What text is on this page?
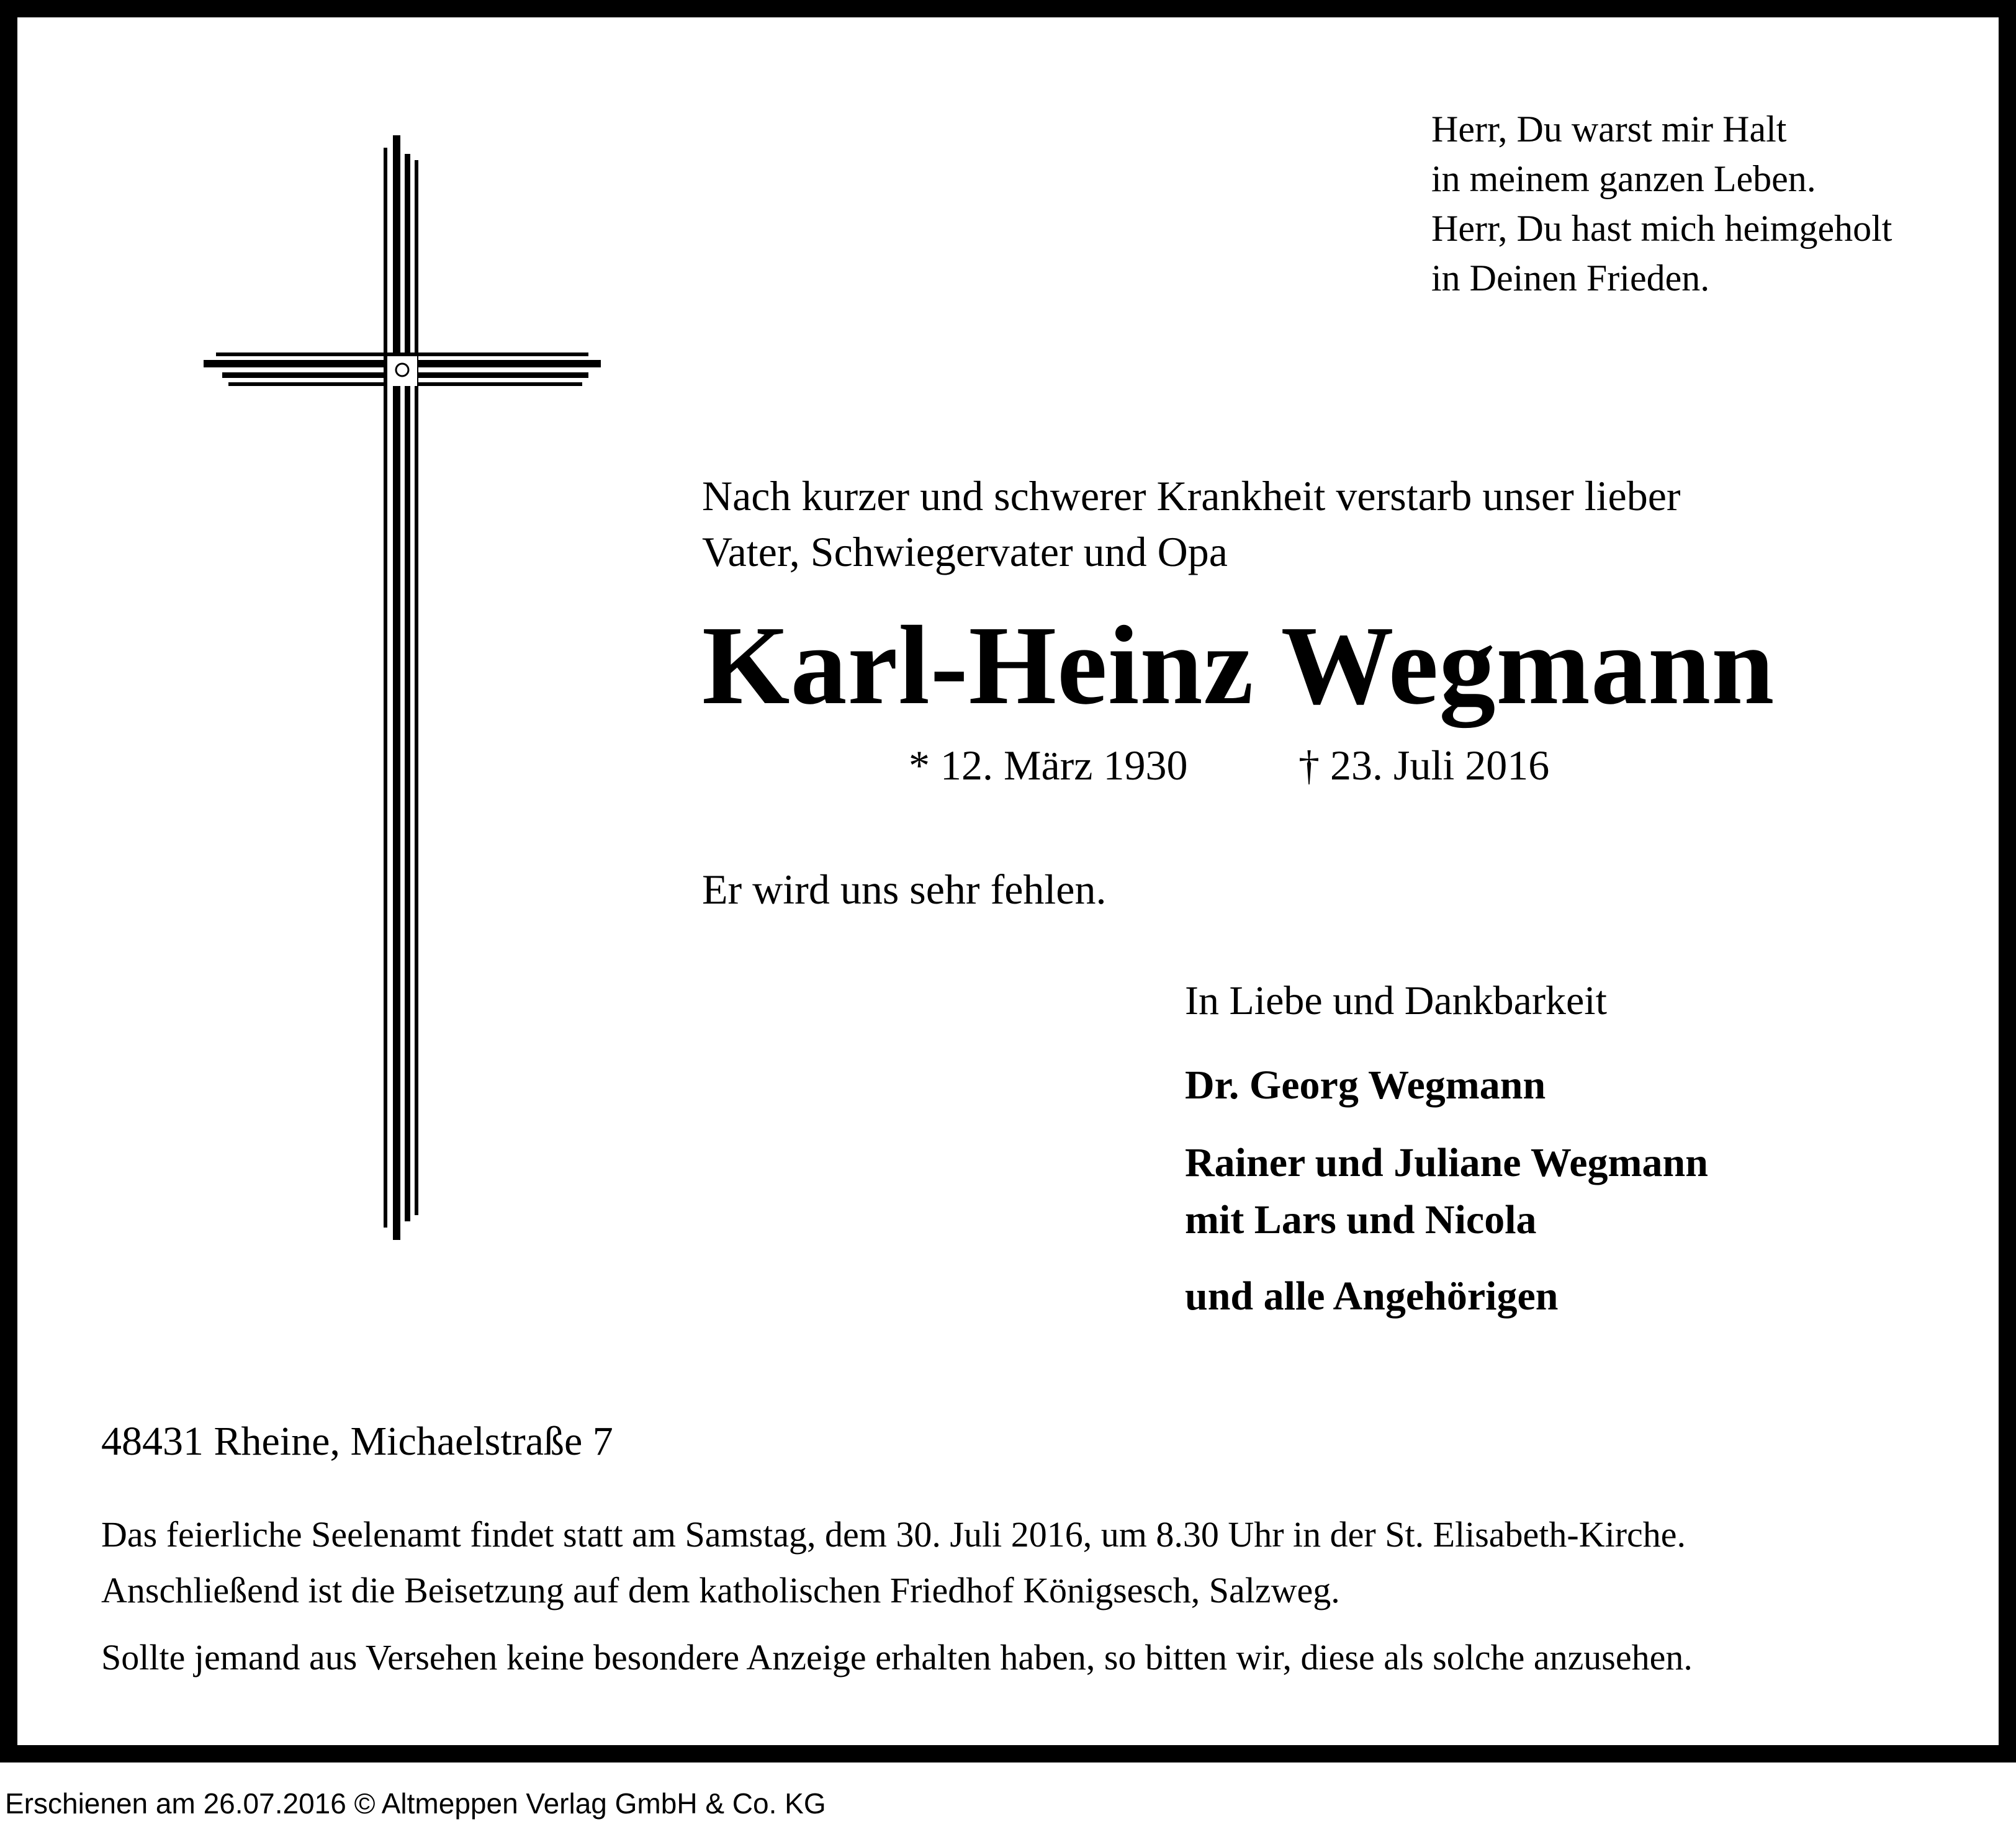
Herr, Du warst mir Halt
in meinem ganzen Leben.
Herr, Du hast mich heimgeholt
in Deinen Frieden.
Nach kurzer und schwerer Krankheit verstarb unser lieber
Vater, Schwiegervater und Opa
Karl-Heinz Wegmann
* 12. März 1930	† 23. Juli 2016
Er wird uns sehr fehlen.
In Liebe und Dankbarkeit
Dr. Georg Wegmann
Rainer und Juliane Wegmann
mit Lars und Nicola
und alle Angehörigen
48431 Rheine, Michaelstraße 7
Das feierliche Seelenamt findet statt am Samstag, dem 30. Juli 2016, um 8.30 Uhr in der St. Elisabeth-Kirche.
Anschließend ist die Beisetzung auf dem katholischen Friedhof Königsesch, Salzweg.
Sollte jemand aus Versehen keine besondere Anzeige erhalten haben, so bitten wir, diese als solche anzusehen.
Erschienen am 26.07.2016 © Altmeppen Verlag GmbH & Co. KG
